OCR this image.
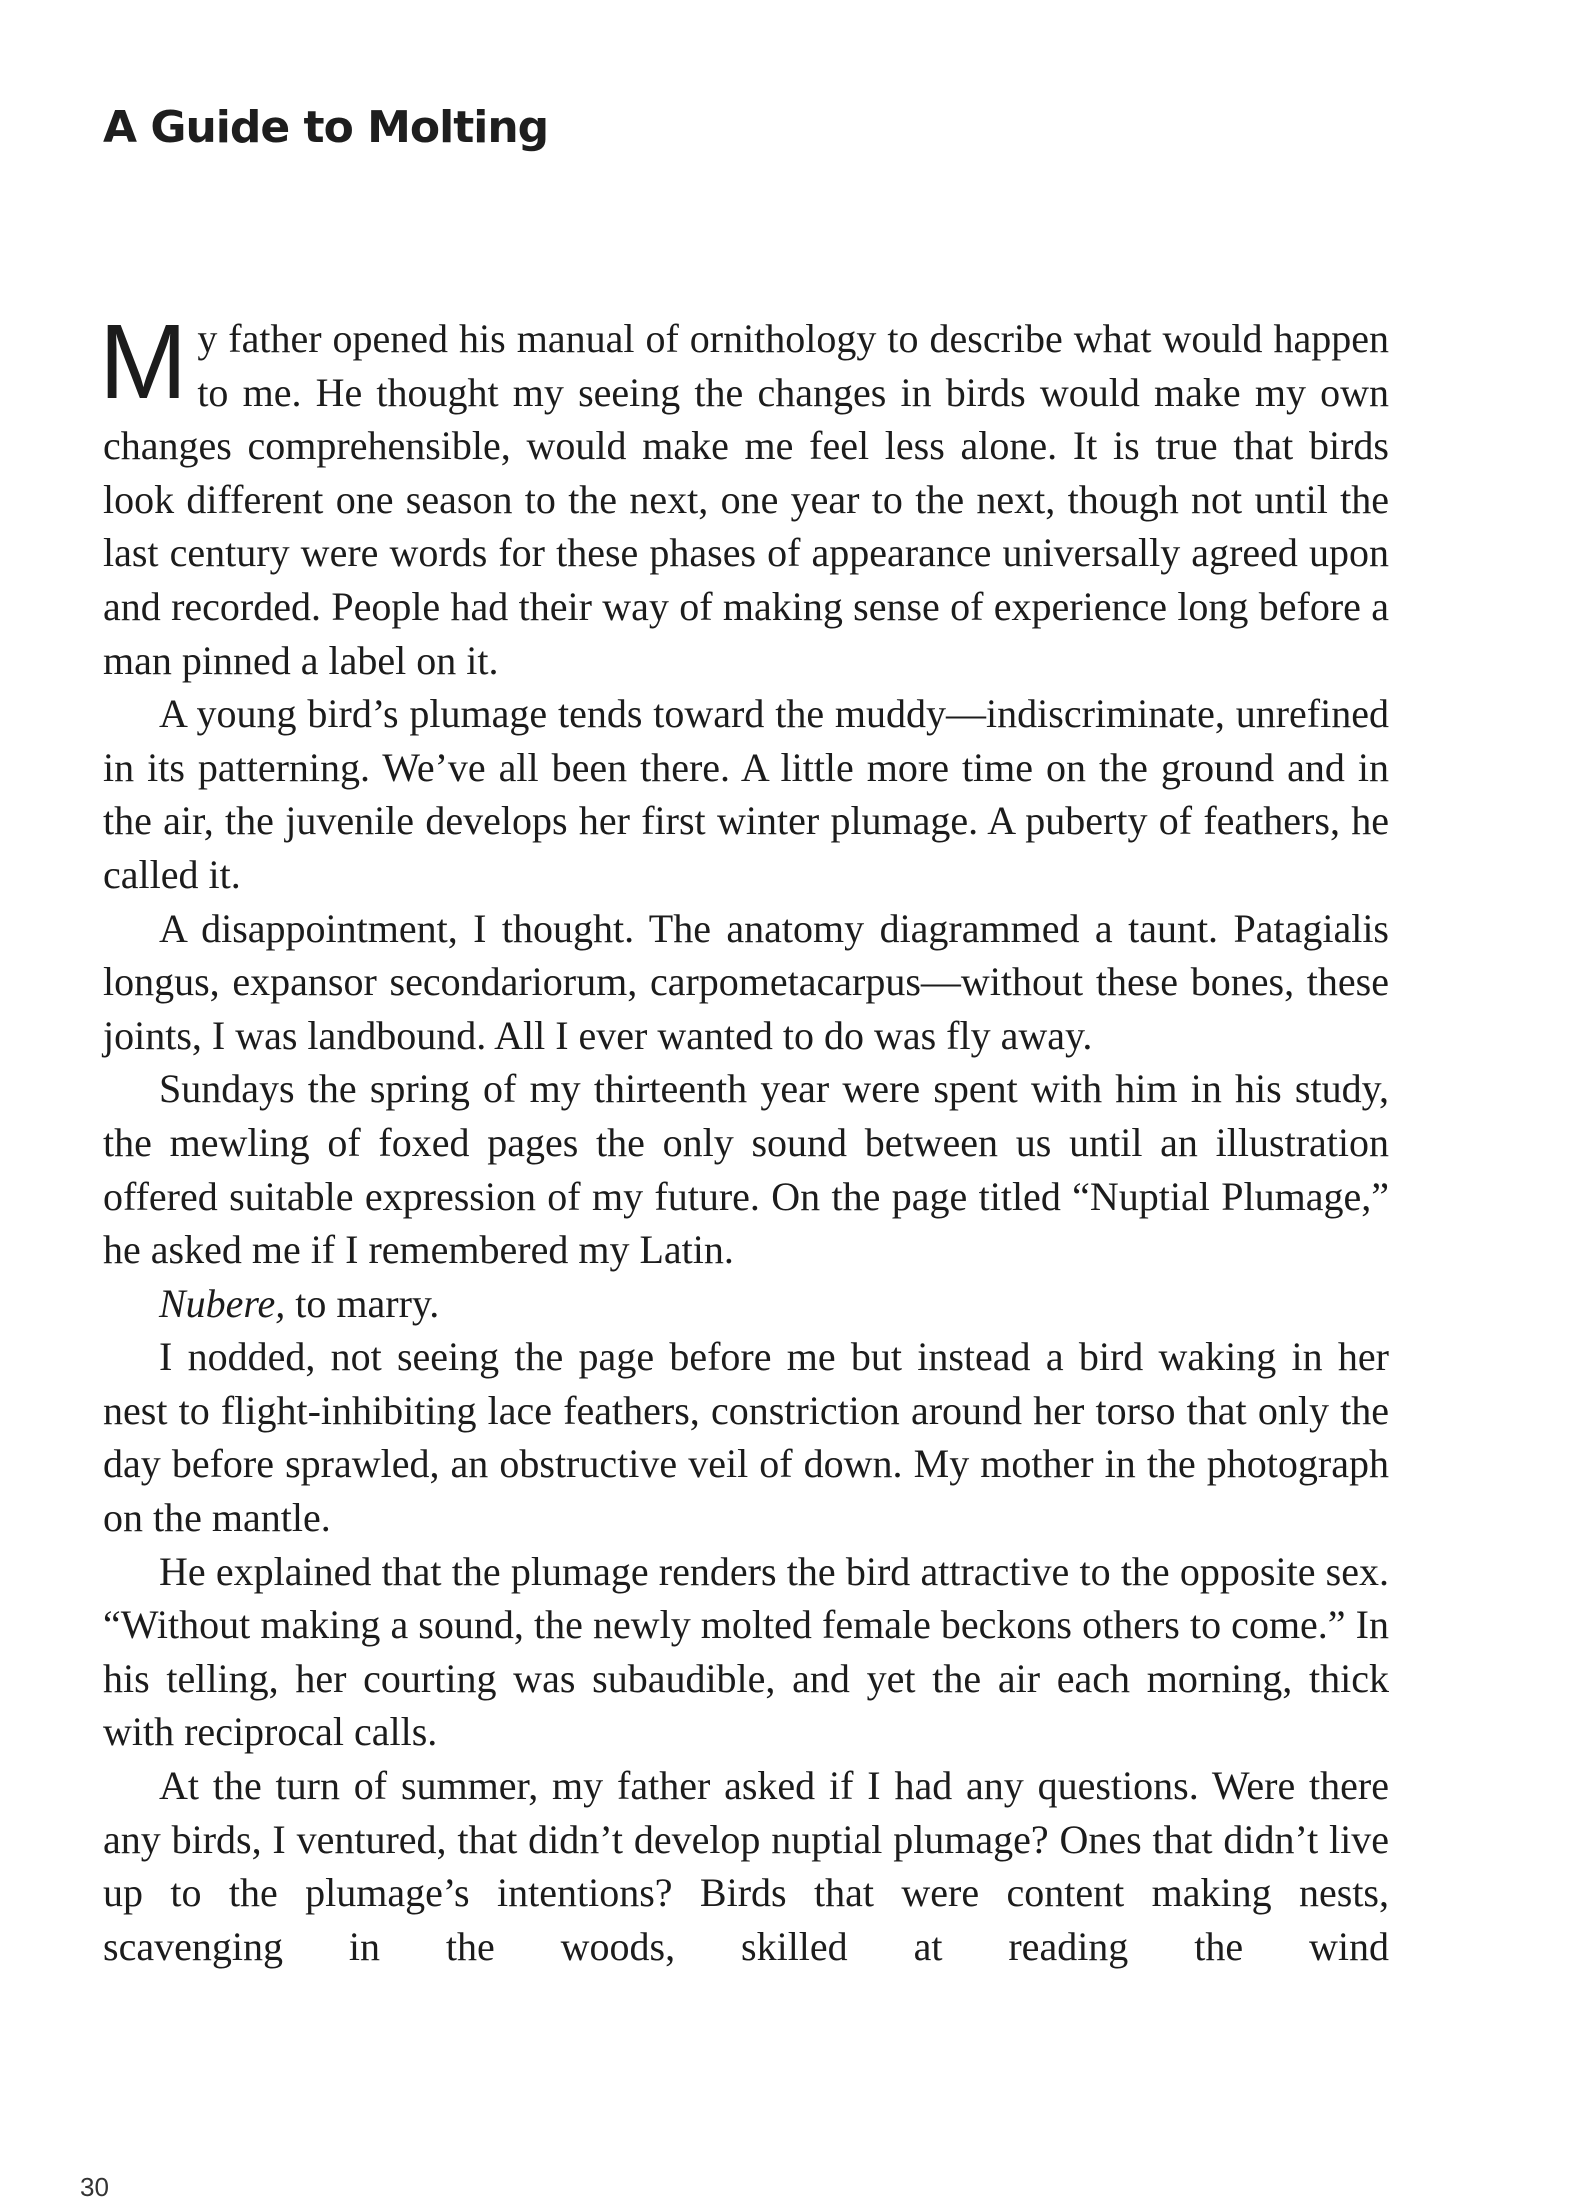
A Guide to Molting

My father opened his manual of ornithology to describe what would happen to me. He thought my seeing the changes in birds would make my own changes comprehensible, would make me feel less alone. It is true that birds look different one season to the next, one year to the next, though not until the last century were words for these phases of appearance universally agreed upon and recorded. People had their way of making sense of experience long before a man pinned a label on it.

A young bird’s plumage tends toward the muddy—indiscriminate, unrefined in its patterning. We’ve all been there. A little more time on the ground and in the air, the juvenile develops her first winter plumage. A puberty of feathers, he called it.

A disappointment, I thought. The anatomy diagrammed a taunt. Patagialis longus, expansor secondariorum, carpometacarpus—without these bones, these joints, I was landbound. All I ever wanted to do was fly away.

Sundays the spring of my thirteenth year were spent with him in his study, the mewling of foxed pages the only sound between us until an illustration offered suitable expression of my future. On the page titled “Nuptial Plumage,” he asked me if I remembered my Latin.

Nubere, to marry.

I nodded, not seeing the page before me but instead a bird waking in her nest to flight-inhibiting lace feathers, constriction around her torso that only the day before sprawled, an obstructive veil of down. My mother in the photograph on the mantle.

He explained that the plumage renders the bird attractive to the opposite sex. “Without making a sound, the newly molted female beckons others to come.” In his telling, her courting was subaudible, and yet the air each morning, thick with reciprocal calls.

At the turn of summer, my father asked if I had any questions. Were there any birds, I ventured, that didn’t develop nuptial plumage? Ones that didn’t live up to the plumage’s intentions? Birds that were content making nests, scavenging in the woods, skilled at reading the wind

30
